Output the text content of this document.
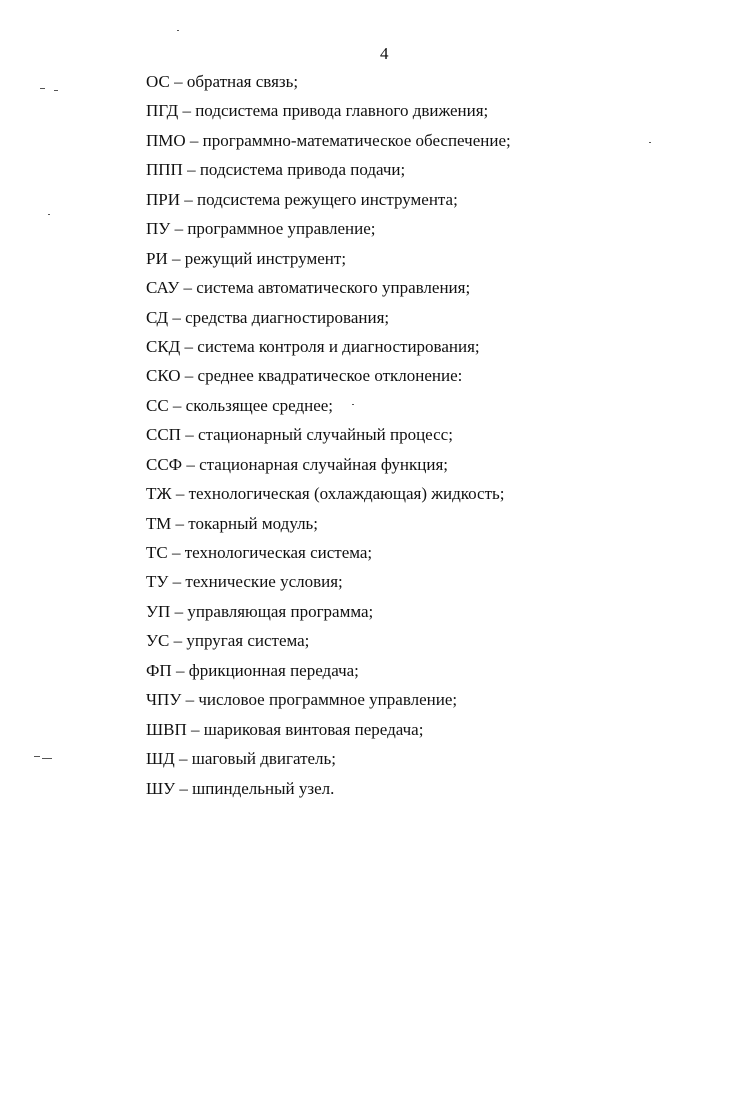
4
ОС – обратная связь;
ПГД – подсистема привода главного движения;
ПМО – программно-математическое обеспечение;
ППП – подсистема привода подачи;
ПРИ – подсистема режущего инструмента;
ПУ – программное управление;
РИ – режущий инструмент;
САУ – система автоматического управления;
СД – средства диагностирования;
СКД – система контроля и диагностирования;
СКО – среднее квадратическое отклонение:
СС – скользящее среднее;
ССП – стационарный случайный процесс;
ССФ – стационарная случайная функция;
ТЖ – технологическая (охлаждающая) жидкость;
ТМ – токарный модуль;
ТС – технологическая система;
ТУ – технические условия;
УП – управляющая программа;
УС – упругая система;
ФП – фрикционная передача;
ЧПУ – числовое программное управление;
ШВП – шариковая винтовая передача;
ШД – шаговый двигатель;
ШУ – шпиндельный узел.
